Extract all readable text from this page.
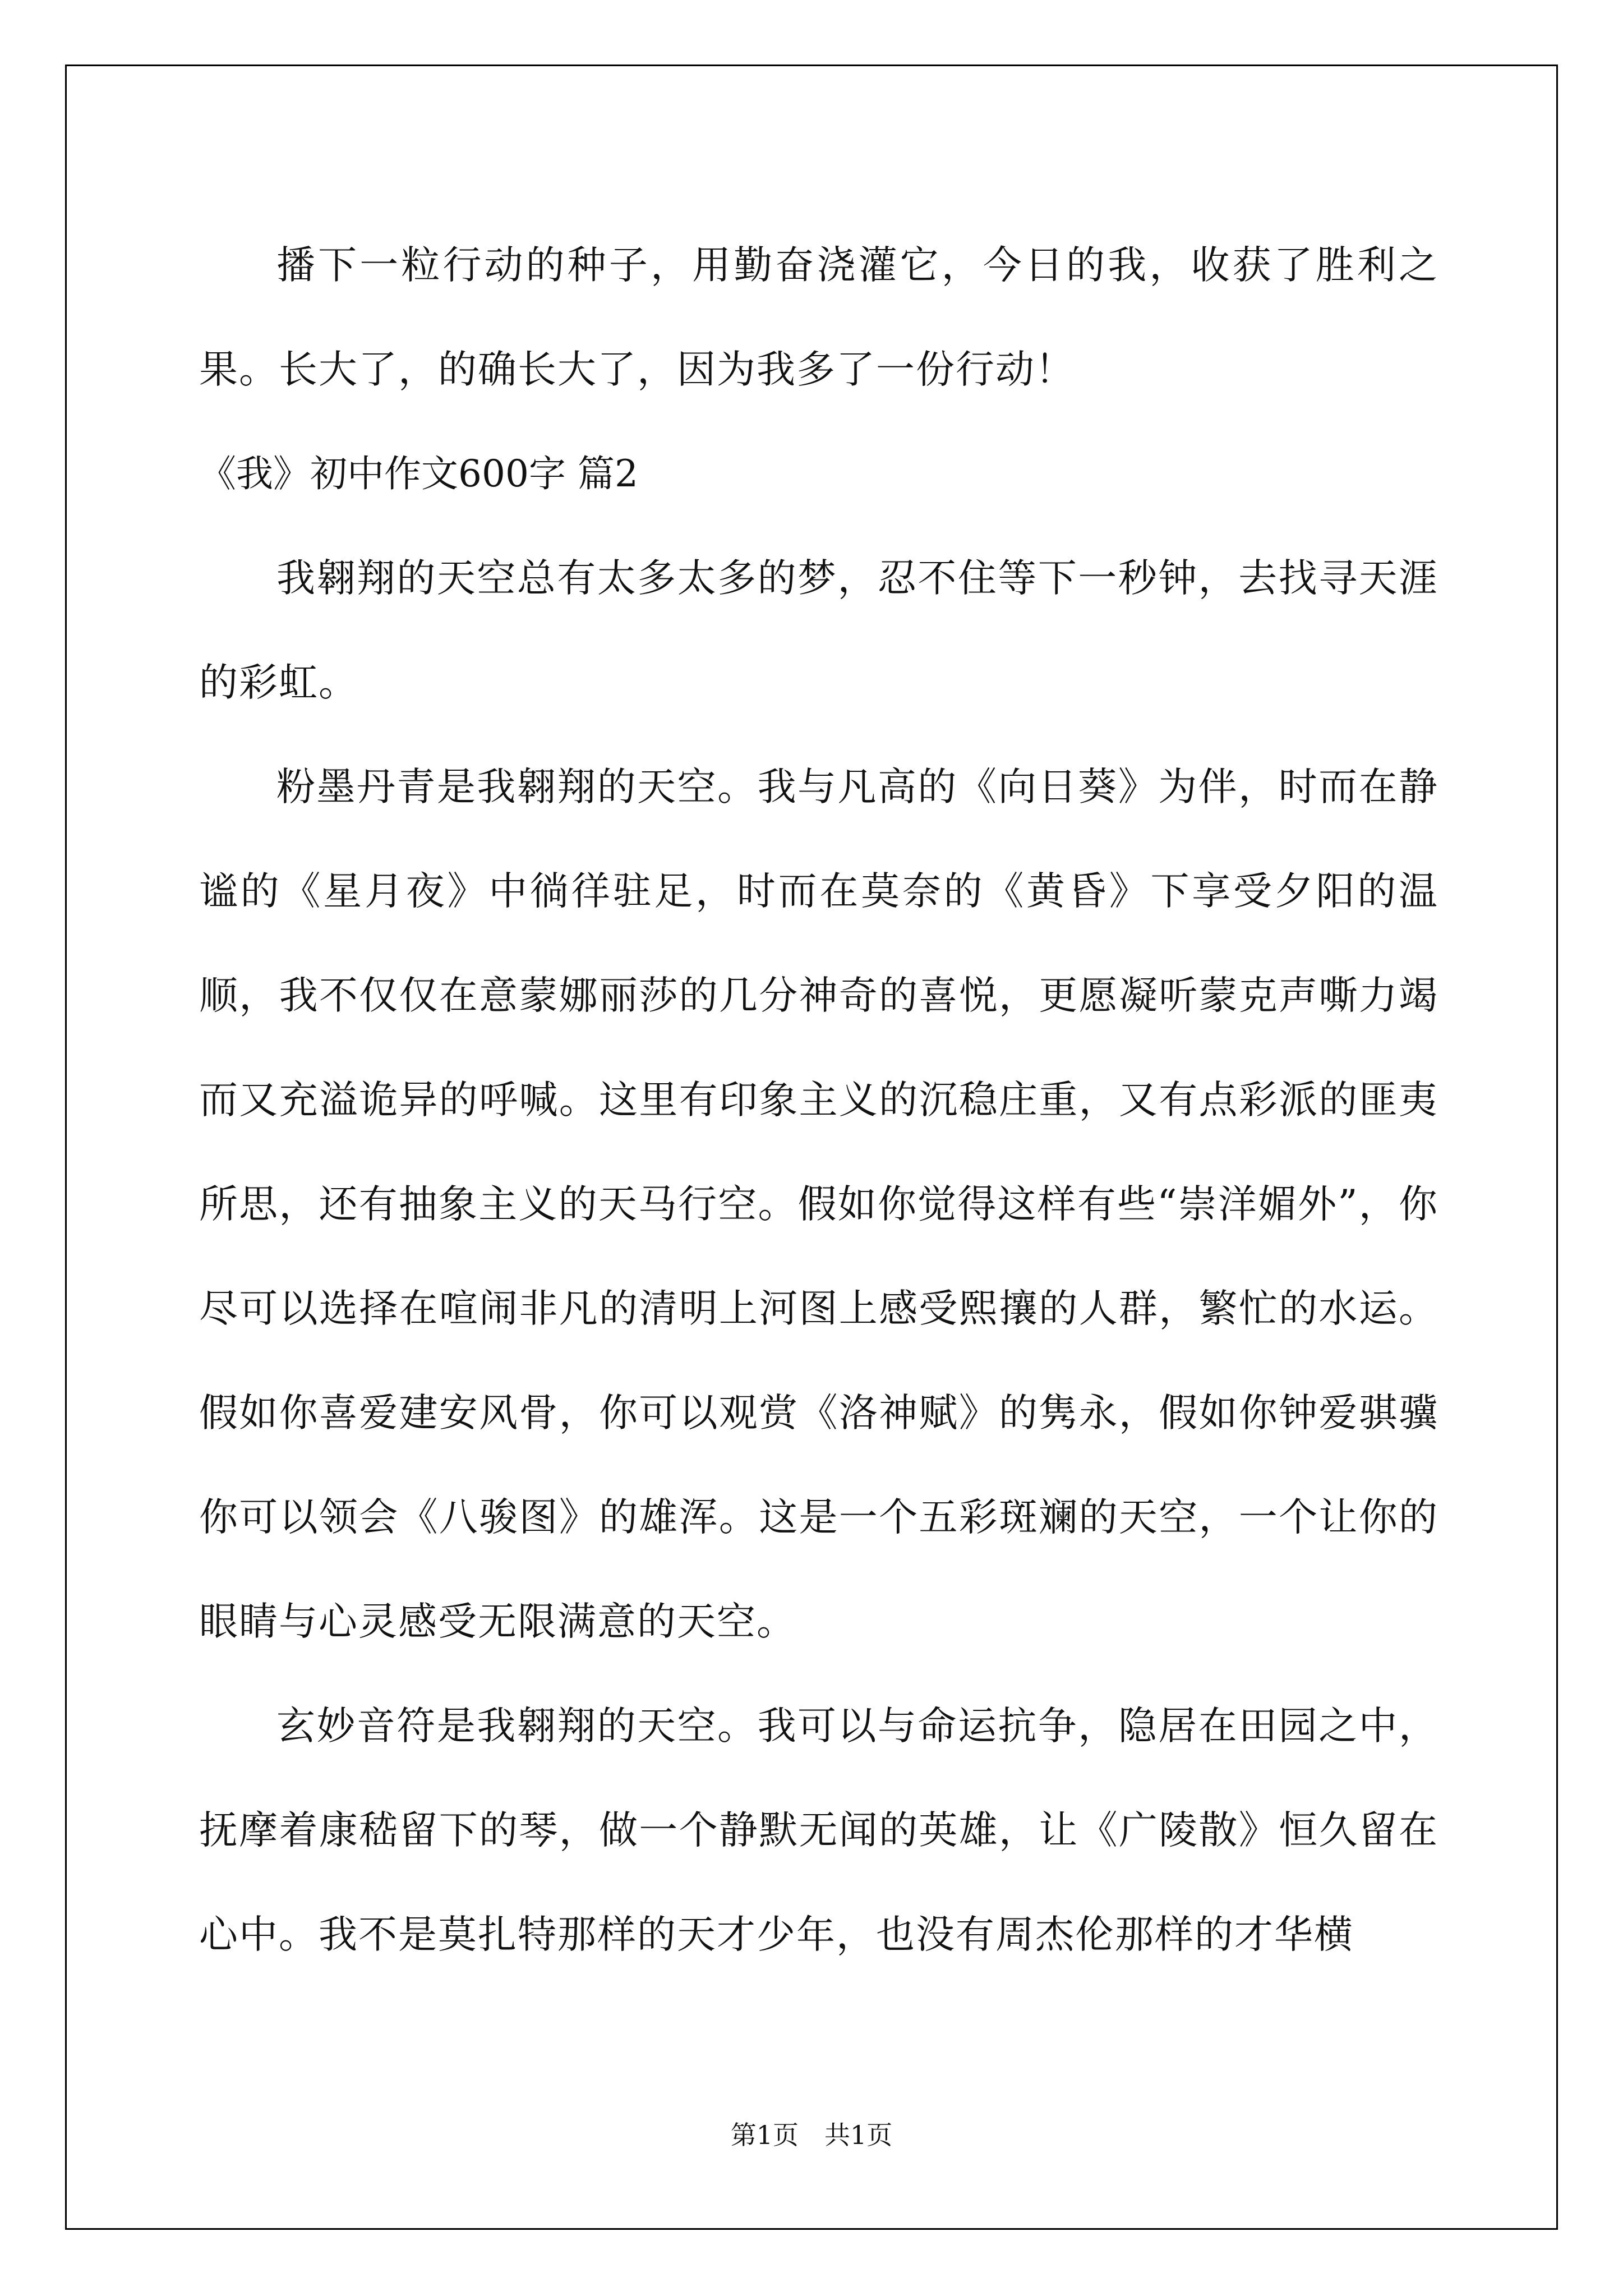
播下一粒行动的种子，用勤奋浇灌它，今日的我，收获了胜利之果。长大了，的确长大了，因为我多了一份行动！

《我》初中作文600字 篇2

我翱翔的天空总有太多太多的梦，忍不住等下一秒钟，去找寻天涯的彩虹。

粉墨丹青是我翱翔的天空。我与凡高的《向日葵》为伴，时而在静谧的《星月夜》中徜徉驻足，时而在莫奈的《黄昏》下享受夕阳的温顺，我不仅仅在意蒙娜丽莎的几分神奇的喜悦，更愿凝听蒙克声嘶力竭而又充溢诡异的呼喊。这里有印象主义的沉稳庄重，又有点彩派的匪夷所思，还有抽象主义的天马行空。假如你觉得这样有些“崇洋媚外”，你尽可以选择在喧闹非凡的清明上河图上感受熙攘的人群，繁忙的水运。假如你喜爱建安风骨，你可以观赏《洛神赋》的隽永，假如你钟爱骐骥你可以领会《八骏图》的雄浑。这是一个五彩斑斓的天空，一个让你的眼睛与心灵感受无限满意的天空。

玄妙音符是我翱翔的天空。我可以与命运抗争，隐居在田园之中，抚摩着康嵇留下的琴，做一个静默无闻的英雄，让《广陵散》恒久留在心中。我不是莫扎特那样的天才少年，也没有周杰伦那样的才华横

第1页　共1页
